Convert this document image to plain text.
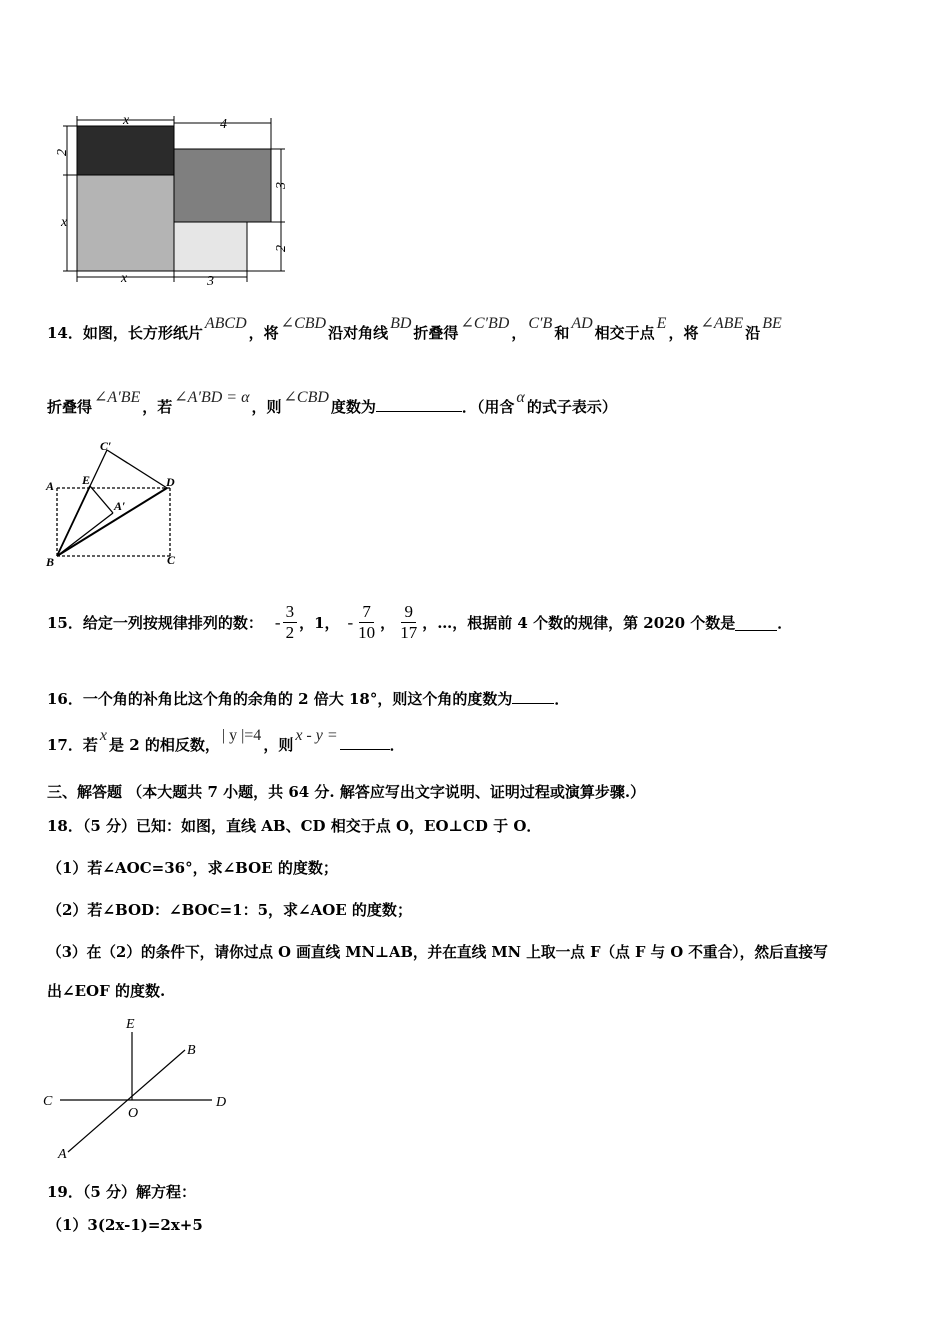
x	4
2
x
3
2
x	3
14．如图，长方形纸片ABCD，将∠CBD沿对角线BD折叠得∠C′BD，C′B和AD相交于点E，将∠ABE沿BE
折叠得∠A′BE，若∠A′BD = α，则∠CBD度数为	．（用含α的式子表示）
A E
C′
D
A′
B	C
15．给定一列按规律排列的数： - $\frac{3}{2}$ ，1， - $\frac{7}{10}$ ， $\frac{9}{17}$ ，…，根据前 4 个数的规律，第 2020 个数是	．
16．一个角的补角比这个角的余角的 2 倍大 18°，则这个角的度数为	．
17．若x是 2 的相反数，| y |=4，则x - y =．
三、解答题 （本大题共 7 小题，共 64 分. 解答应写出文字说明、证明过程或演算步骤.）
18．（5 分）已知：如图，直线 AB、CD 相交于点 O，EO⊥CD 于 O．
（1）若∠AOC=36°，求∠BOE 的度数；
（2）若∠BOD：∠BOC=1：5，求∠AOE 的度数；
（3）在（2）的条件下，请你过点 O 画直线 MN⊥AB，并在直线 MN 上取一点 F（点 F 与 O 不重合），然后直接写
出∠EOF 的度数.
E
B
C
O
D
A
19．（5 分）解方程：
（1）3(2x-1)=2x+5
